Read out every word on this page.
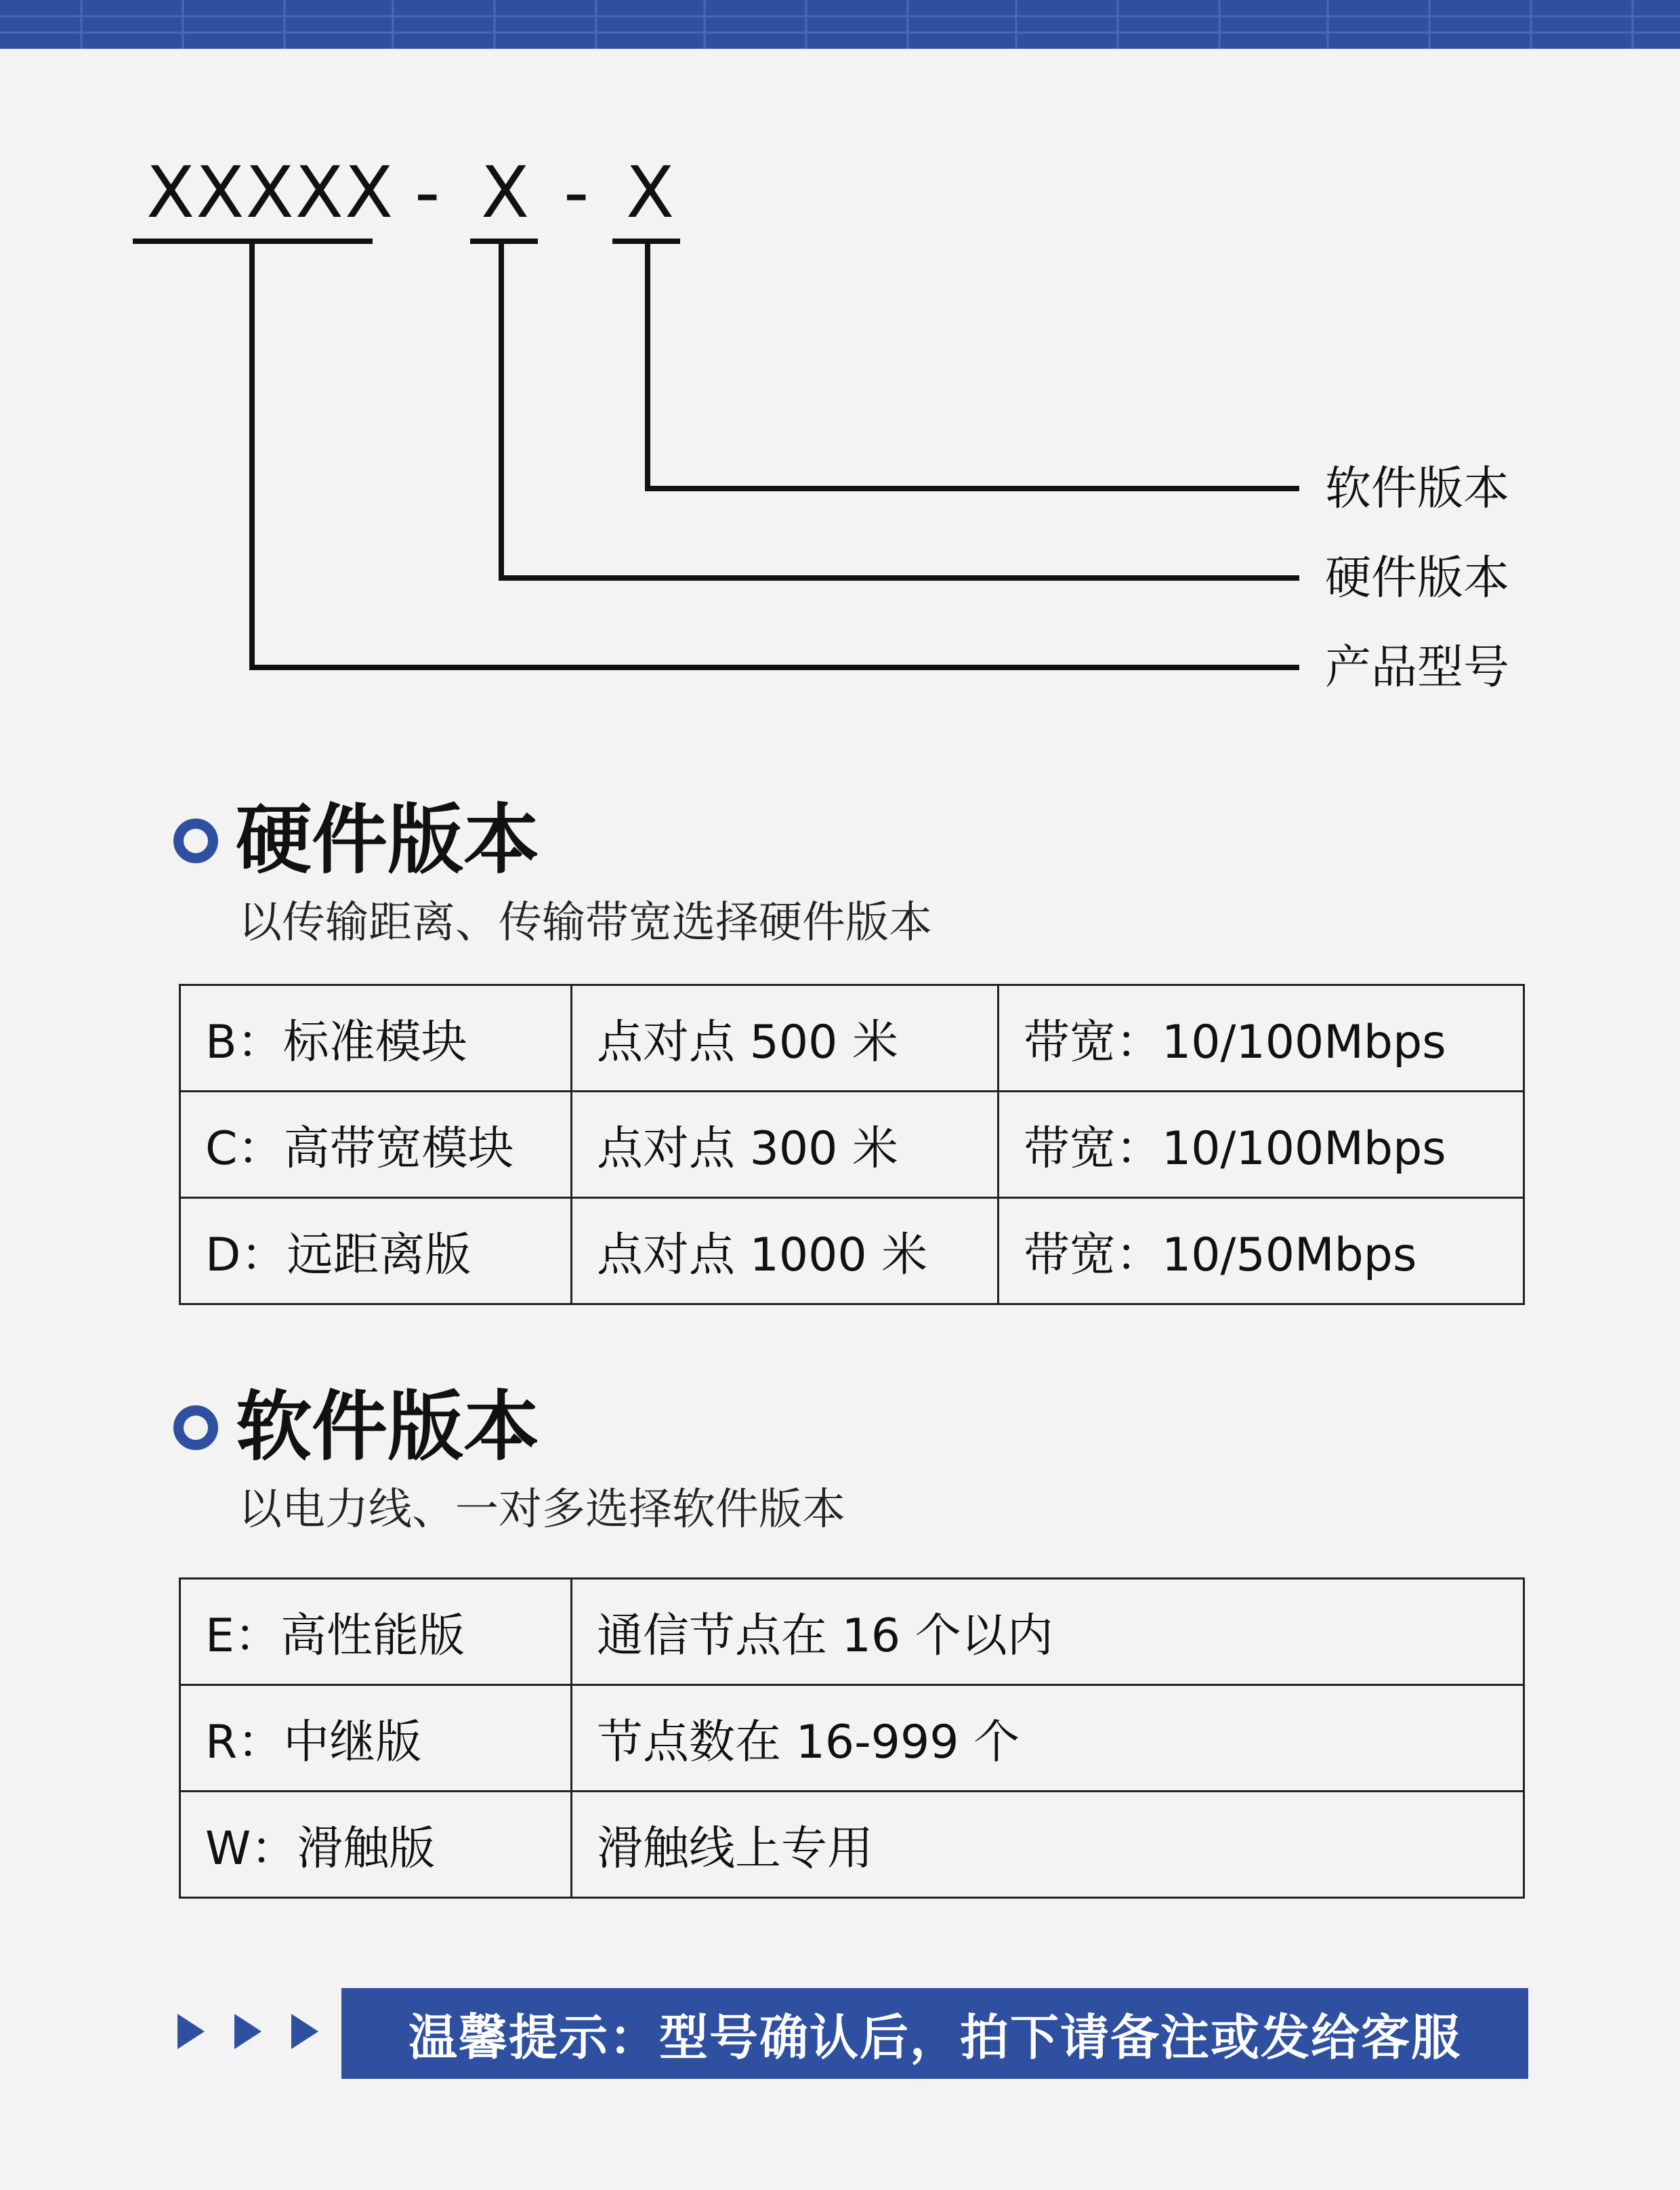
XXXXX - X - X
软件版本
硬件版本
产品型号
硬件版本
以传输距离、传输带宽选择硬件版本
B：标准模块	点对点 500 米	带宽：10/100Mbps
C：高带宽模块	点对点 300 米	带宽：10/100Mbps
D：远距离版	点对点 1000 米	带宽：10/50Mbps
软件版本
以电力线、一对多选择软件版本
E：高性能版	通信节点在 16 个以内
R：中继版	节点数在 16-999 个
W：滑触版	滑触线上专用
温馨提示：型号确认后，拍下请备注或发给客服
